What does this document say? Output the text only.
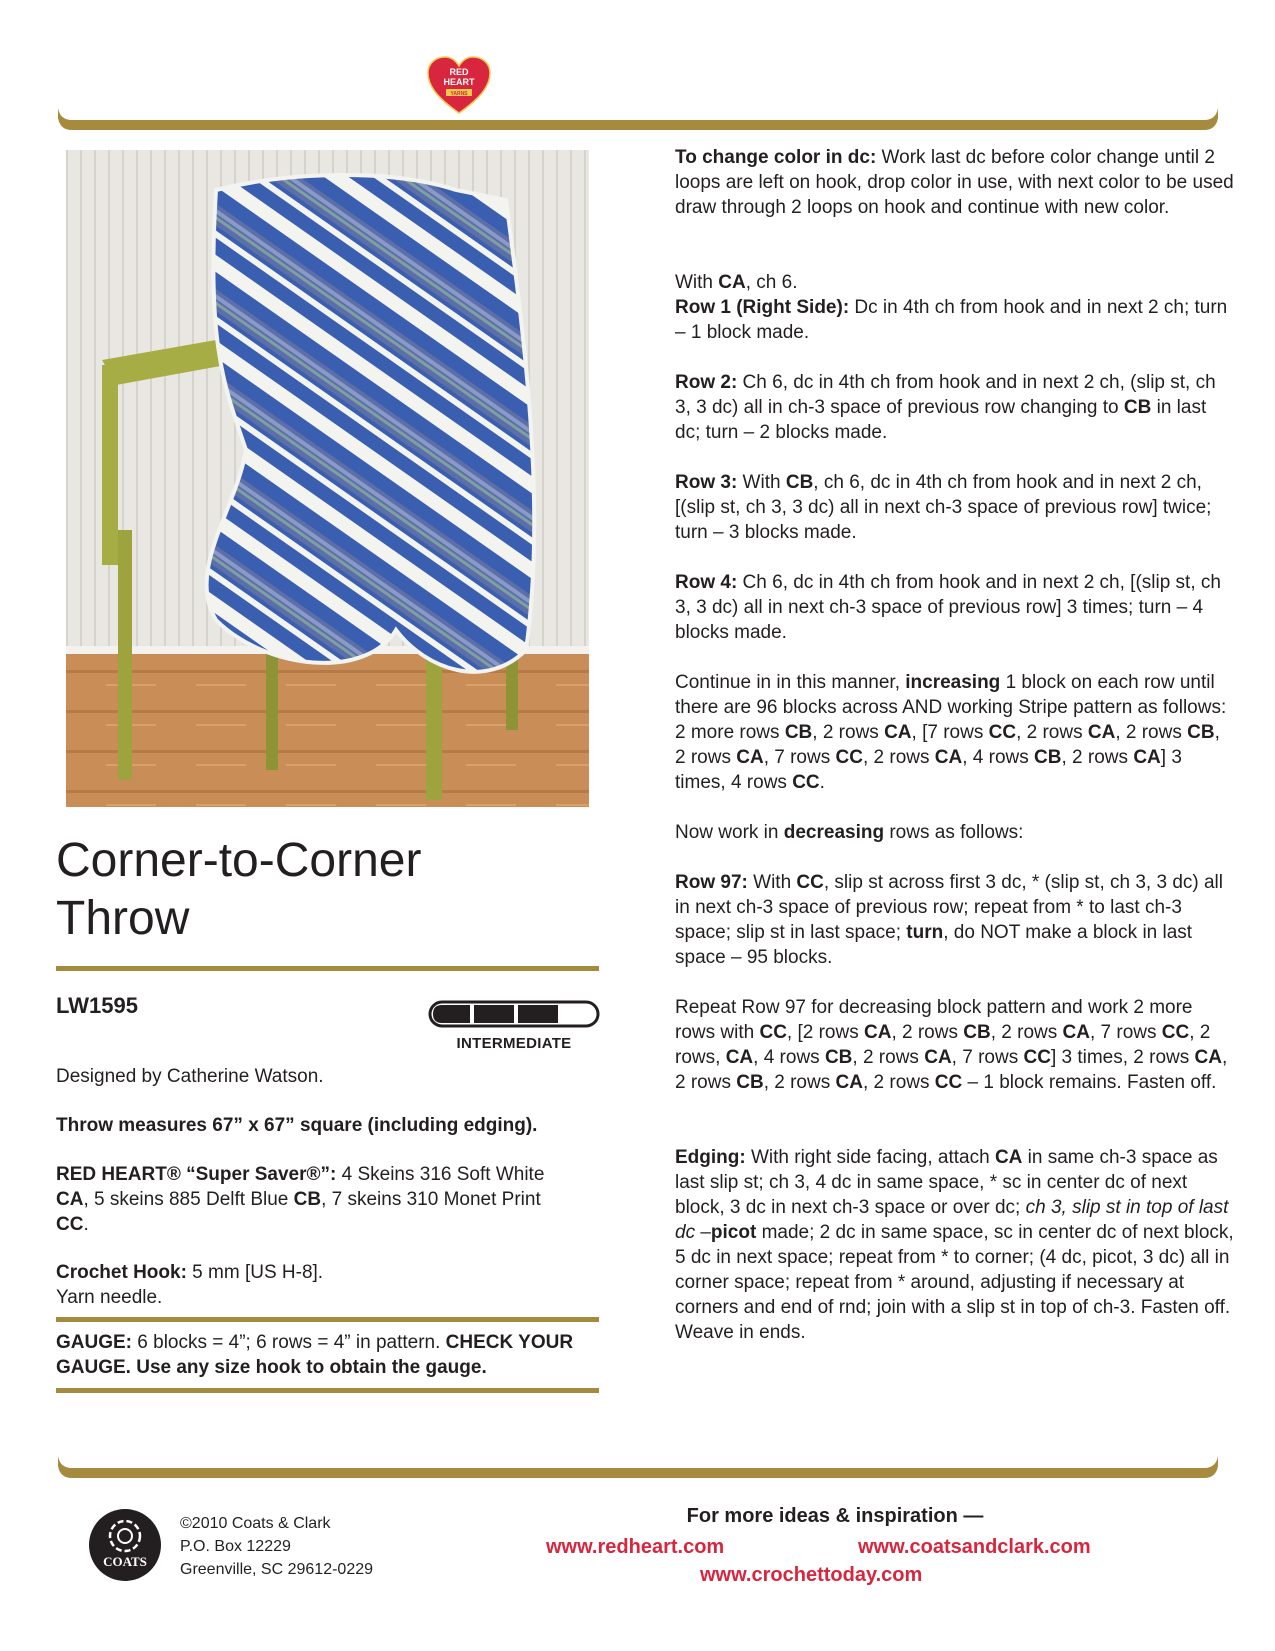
RED
HEART
YARNS
Corner-to-Corner
Throw
LW1595
INTERMEDIATE

Designed by Catherine Watson.

Throw measures 67” x 67” square (including edging).

RED HEART® “Super Saver®”: 4 Skeins 316 Soft White CA, 5 skeins 885 Delft Blue CB, 7 skeins 310 Monet Print CC.

Crochet Hook: 5 mm [US H-8].

Yarn needle.

GAUGE: 6 blocks = 4”; 6 rows = 4” in pattern. CHECK YOUR GAUGE. Use any size hook to obtain the gauge.

To change color in dc: Work last dc before color change until 2 loops are left on hook, drop color in use, with next color to be used draw through 2 loops on hook and continue with new color.

With CA, ch 6.
Row 1 (Right Side): Dc in 4th ch from hook and in next 2 ch; turn – 1 block made.

Row 2: Ch 6, dc in 4th ch from hook and in next 2 ch, (slip st, ch 3, 3 dc) all in ch-3 space of previous row changing to CB in last dc; turn – 2 blocks made.

Row 3: With CB, ch 6, dc in 4th ch from hook and in next 2 ch, [(slip st, ch 3, 3 dc) all in next ch-3 space of previous row] twice; turn – 3 blocks made.

Row 4: Ch 6, dc in 4th ch from hook and in next 2 ch, [(slip st, ch 3, 3 dc) all in next ch-3 space of previous row] 3 times; turn – 4 blocks made.

Continue in in this manner, increasing 1 block on each row until there are 96 blocks across AND working Stripe pattern as follows: 2 more rows CB, 2 rows CA, [7 rows CC, 2 rows CA, 2 rows CB, 2 rows CA, 7 rows CC, 2 rows CA, 4 rows CB, 2 rows CA] 3 times, 4 rows CC.

Now work in decreasing rows as follows:

Row 97: With CC, slip st across first 3 dc, * (slip st, ch 3, 3 dc) all in next ch-3 space of previous row; repeat from * to last ch-3 space; slip st in last space; turn, do NOT make a block in last space – 95 blocks.

Repeat Row 97 for decreasing block pattern and work 2 more rows with CC, [2 rows CA, 2 rows CB, 2 rows CA, 7 rows CC, 2 rows, CA, 4 rows CB, 2 rows CA, 7 rows CC] 3 times, 2 rows CA, 2 rows CB, 2 rows CA, 2 rows CC – 1 block remains. Fasten off.

Edging: With right side facing, attach CA in same ch-3 space as last slip st; ch 3, 4 dc in same space, * sc in center dc of next block, 3 dc in next ch-3 space or over dc; ch 3, slip st in top of last dc –picot made; 2 dc in same space, sc in center dc of next block, 5 dc in next space; repeat from * to corner; (4 dc, picot, 3 dc) all in corner space; repeat from * around, adjusting if necessary at corners and end of rnd; join with a slip st in top of ch-3. Fasten off. Weave in ends.

COATS
©2010 Coats & Clark
P.O. Box 12229
Greenville, SC 29612-0229
For more ideas & inspiration —
www.redheart.com	www.coatsandclark.com
www.crochettoday.com
